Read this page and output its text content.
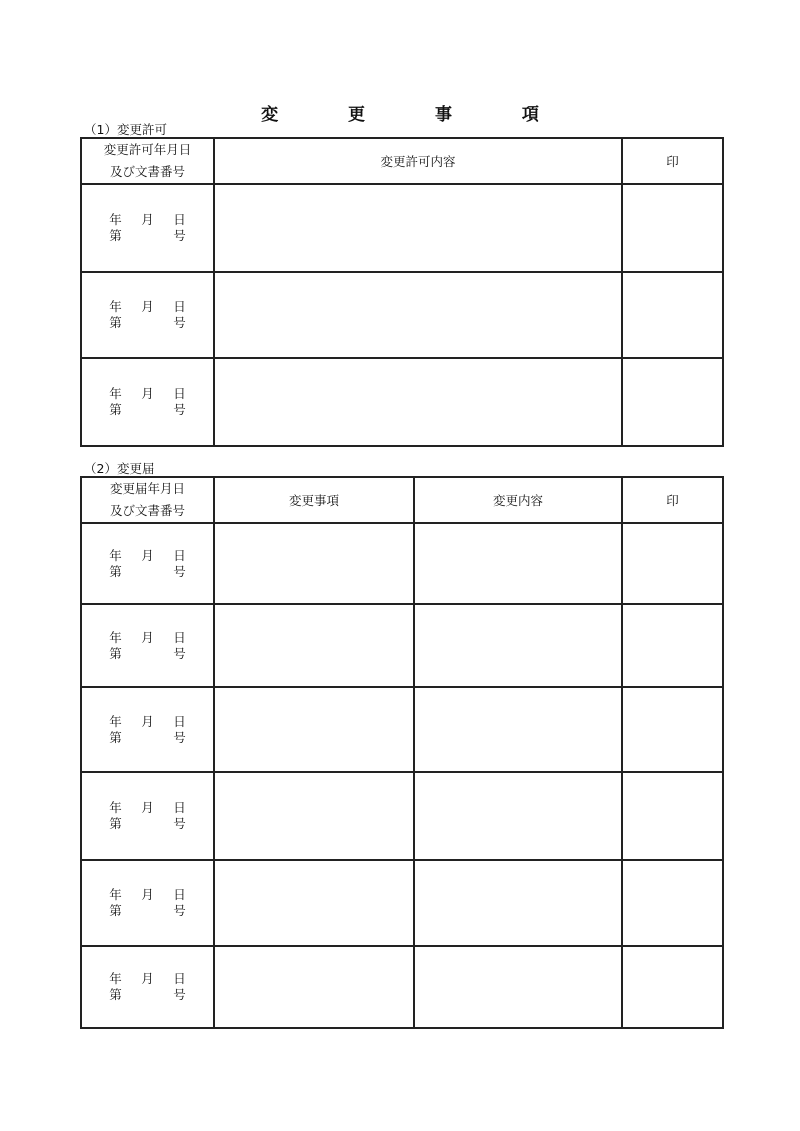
変 更 事 項
（1）変更許可
変更許可年月日
及び文書番号	変更許可内容	印

年 月 日
第 号		

年 月 日
第 号		

年 月 日
第 号		

（2）変更届
変更届年月日
及び文書番号	変更事項	変更内容	印

年 月 日
第 号			

年 月 日
第 号			

年 月 日
第 号			

年 月 日
第 号			

年 月 日
第 号			

年 月 日
第 号			
